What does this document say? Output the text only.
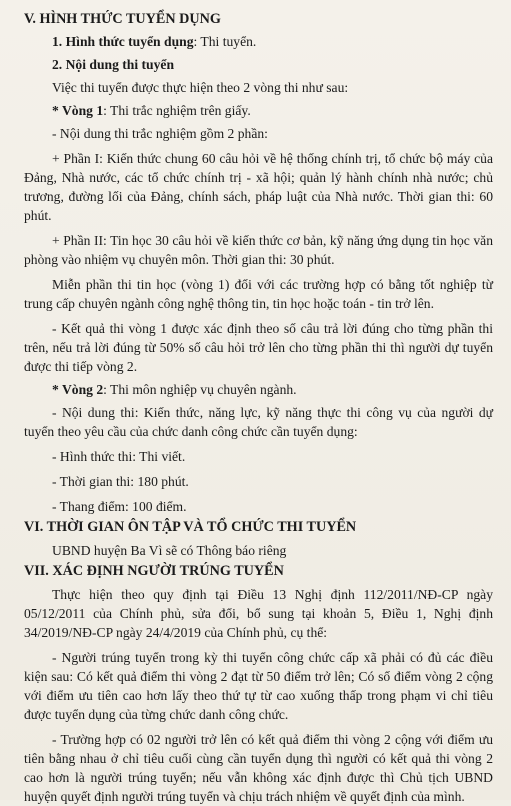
V. HÌNH THỨC TUYỂN DỤNG

1. Hình thức tuyển dụng: Thi tuyển.

2. Nội dung thi tuyển

Việc thi tuyển được thực hiện theo 2 vòng thi như sau:

* Vòng 1: Thi trắc nghiệm trên giấy.

- Nội dung thi trắc nghiệm gồm 2 phần:

+ Phần I: Kiến thức chung 60 câu hỏi về hệ thống chính trị, tổ chức bộ máy của Đảng, Nhà nước, các tổ chức chính trị - xã hội; quản lý hành chính nhà nước; chủ trương, đường lối của Đảng, chính sách, pháp luật của Nhà nước. Thời gian thi: 60 phút.

+ Phần II: Tin học 30 câu hỏi về kiến thức cơ bản, kỹ năng ứng dụng tin học văn phòng vào nhiệm vụ chuyên môn. Thời gian thi: 30 phút.

Miễn phần thi tin học (vòng 1) đối với các trường hợp có bằng tốt nghiệp từ trung cấp chuyên ngành công nghệ thông tin, tin học hoặc toán - tin trở lên.

- Kết quả thi vòng 1 được xác định theo số câu trả lời đúng cho từng phần thi trên, nếu trả lời đúng từ 50% số câu hỏi trở lên cho từng phần thi thì người dự tuyển được thi tiếp vòng 2.

* Vòng 2: Thi môn nghiệp vụ chuyên ngành.

- Nội dung thi: Kiến thức, năng lực, kỹ năng thực thi công vụ của người dự tuyển theo yêu cầu của chức danh công chức cần tuyển dụng:

- Hình thức thi: Thi viết.

- Thời gian thi: 180 phút.

- Thang điểm: 100 điểm.

VI. THỜI GIAN ÔN TẬP VÀ TỔ CHỨC THI TUYỂN

UBND huyện Ba Vì sẽ có Thông báo riêng

VII. XÁC ĐỊNH NGƯỜI TRÚNG TUYỂN

Thực hiện theo quy định tại Điều 13 Nghị định 112/2011/NĐ-CP ngày 05/12/2011 của Chính phủ, sửa đổi, bổ sung tại khoản 5, Điều 1, Nghị định 34/2019/NĐ-CP ngày 24/4/2019 của Chính phủ, cụ thể:

- Người trúng tuyển trong kỳ thi tuyển công chức cấp xã phải có đủ các điều kiện sau: Có kết quả điểm thi vòng 2 đạt từ 50 điểm trở lên; Có số điểm vòng 2 cộng với điểm ưu tiên cao hơn lấy theo thứ tự từ cao xuống thấp trong phạm vi chỉ tiêu được tuyển dụng của từng chức danh công chức.

- Trường hợp có 02 người trở lên có kết quả điểm thi vòng 2 cộng với điểm ưu tiên bằng nhau ở chỉ tiêu cuối cùng cần tuyển dụng thì người có kết quả thi vòng 2 cao hơn là người trúng tuyển; nếu vẫn không xác định được thì Chủ tịch UBND huyện quyết định người trúng tuyển và chịu trách nhiệm về quyết định của mình.
